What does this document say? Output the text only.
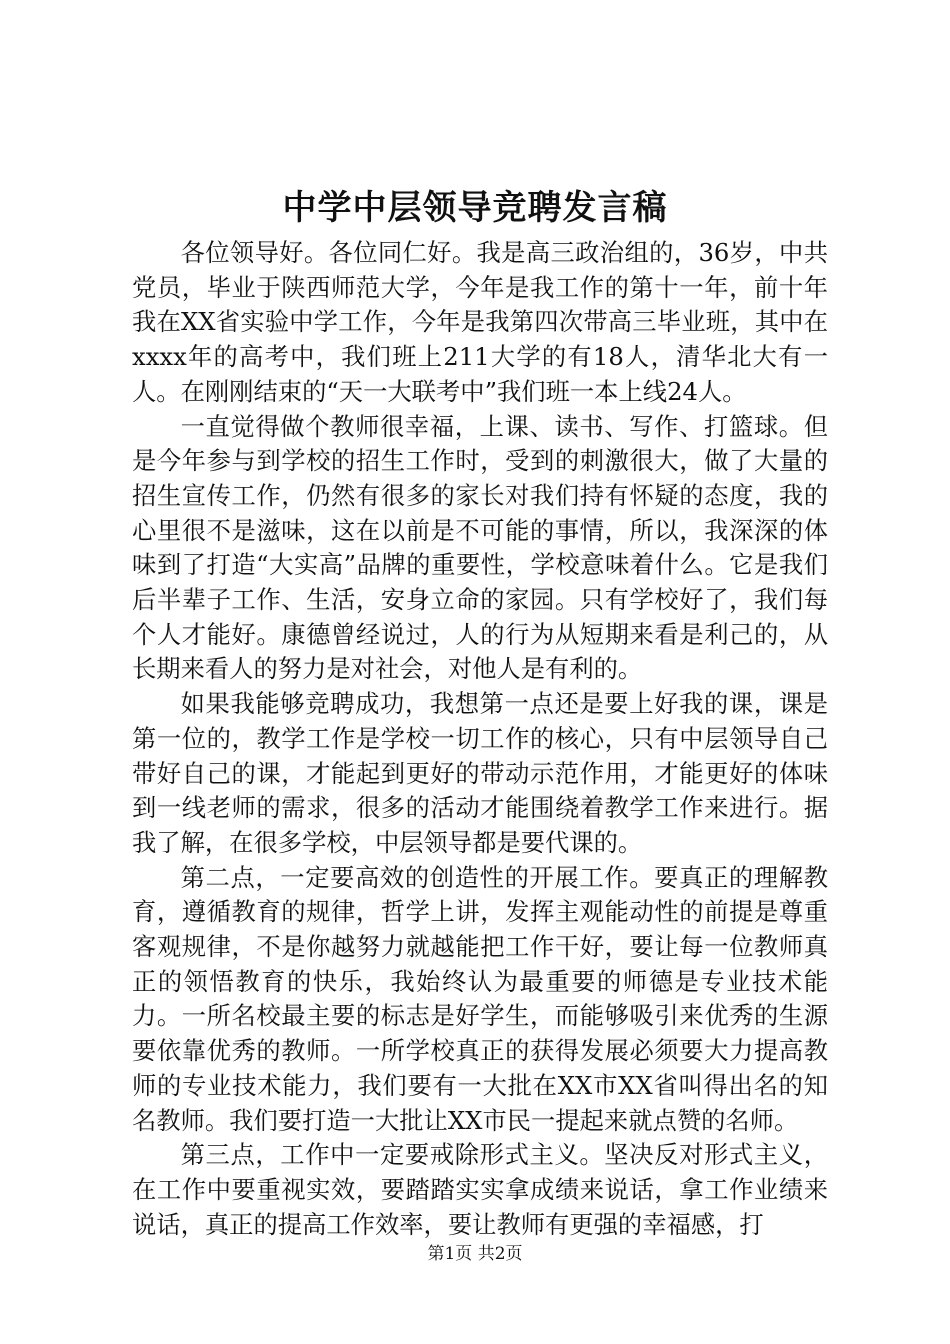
中学中层领导竞聘发言稿

各位领导好。各位同仁好。我是高三政治组的，36岁，中共党员，毕业于陕西师范大学，今年是我工作的第十一年，前十年我在XX省实验中学工作，今年是我第四次带高三毕业班，其中在xxxx年的高考中，我们班上211大学的有18人，清华北大有一人。在刚刚结束的“天一大联考中”我们班一本上线24人。

一直觉得做个教师很幸福，上课、读书、写作、打篮球。但是今年参与到学校的招生工作时，受到的刺激很大，做了大量的招生宣传工作，仍然有很多的家长对我们持有怀疑的态度，我的心里很不是滋味，这在以前是不可能的事情，所以，我深深的体味到了打造“大实高”品牌的重要性，学校意味着什么。它是我们后半辈子工作、生活，安身立命的家园。只有学校好了，我们每个人才能好。康德曾经说过，人的行为从短期来看是利己的，从长期来看人的努力是对社会，对他人是有利的。

如果我能够竞聘成功，我想第一点还是要上好我的课，课是第一位的，教学工作是学校一切工作的核心，只有中层领导自己带好自己的课，才能起到更好的带动示范作用，才能更好的体味到一线老师的需求，很多的活动才能围绕着教学工作来进行。据我了解，在很多学校，中层领导都是要代课的。

第二点，一定要高效的创造性的开展工作。要真正的理解教育，遵循教育的规律，哲学上讲，发挥主观能动性的前提是尊重客观规律，不是你越努力就越能把工作干好，要让每一位教师真正的领悟教育的快乐，我始终认为最重要的师德是专业技术能力。一所名校最主要的标志是好学生，而能够吸引来优秀的生源要依靠优秀的教师。一所学校真正的获得发展必须要大力提高教师的专业技术能力，我们要有一大批在XX市XX省叫得出名的知名教师。我们要打造一大批让XX市民一提起来就点赞的名师。

第三点，工作中一定要戒除形式主义。坚决反对形式主义，在工作中要重视实效，要踏踏实实拿成绩来说话，拿工作业绩来说话，真正的提高工作效率，要让教师有更强的幸福感，打

第1页 共2页
